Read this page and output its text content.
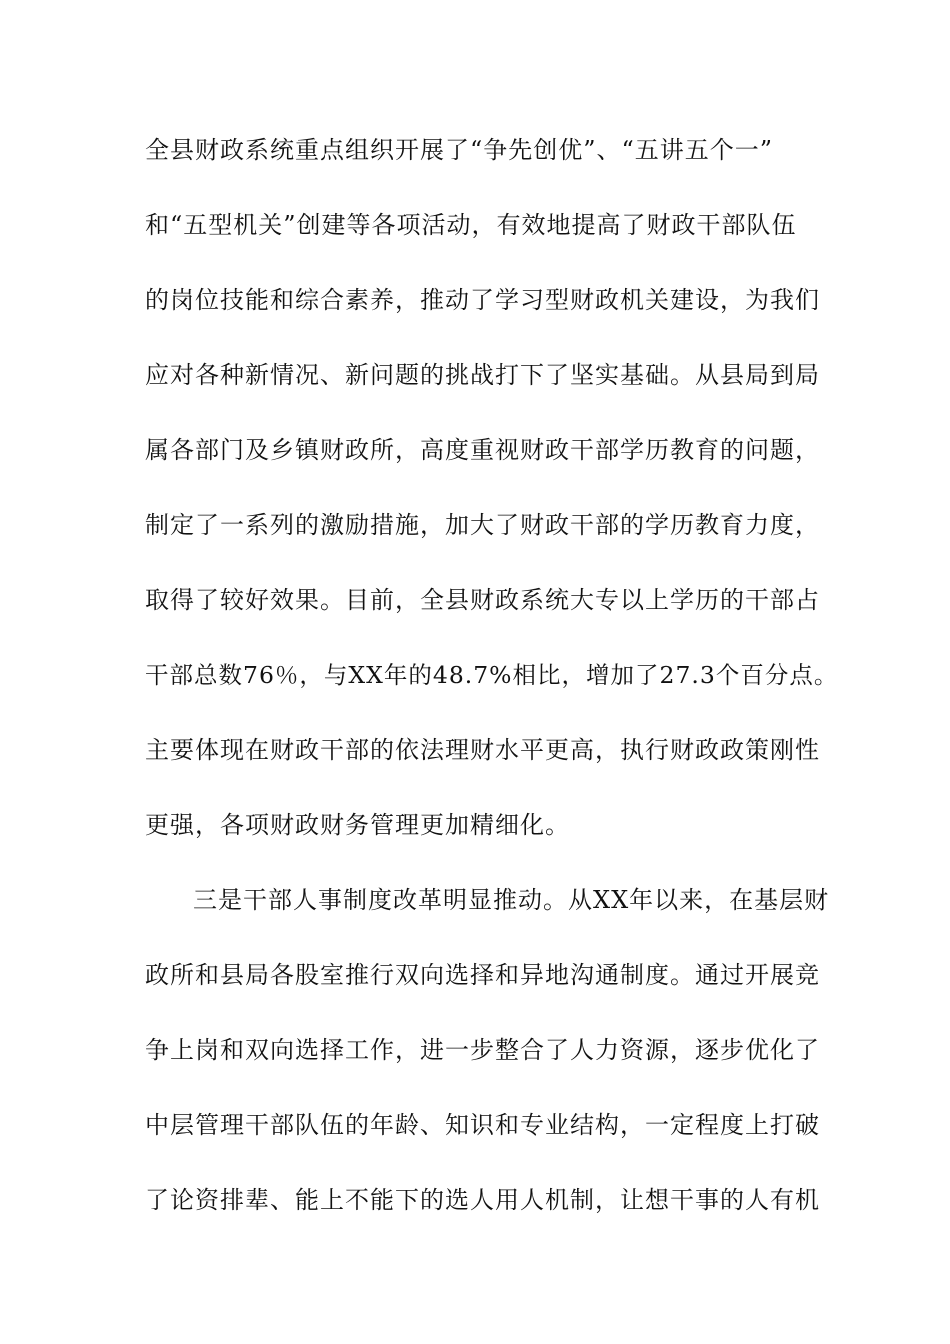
全县财政系统重点组织开展了“争先创优”、“五讲五个一”
和“五型机关”创建等各项活动，有效地提高了财政干部队伍
的岗位技能和综合素养，推动了学习型财政机关建设，为我们
应对各种新情况、新问题的挑战打下了坚实基础。从县局到局
属各部门及乡镇财政所，高度重视财政干部学历教育的问题，
制定了一系列的激励措施，加大了财政干部的学历教育力度，
取得了较好效果。目前，全县财政系统大专以上学历的干部占
干部总数76％，与XX年的48.7%相比，增加了27.3个百分点。
主要体现在财政干部的依法理财水平更高，执行财政政策刚性
更强，各项财政财务管理更加精细化。
三是干部人事制度改革明显推动。从XX年以来，在基层财
政所和县局各股室推行双向选择和异地沟通制度。通过开展竞
争上岗和双向选择工作，进一步整合了人力资源，逐步优化了
中层管理干部队伍的年龄、知识和专业结构，一定程度上打破
了论资排辈、能上不能下的选人用人机制，让想干事的人有机
